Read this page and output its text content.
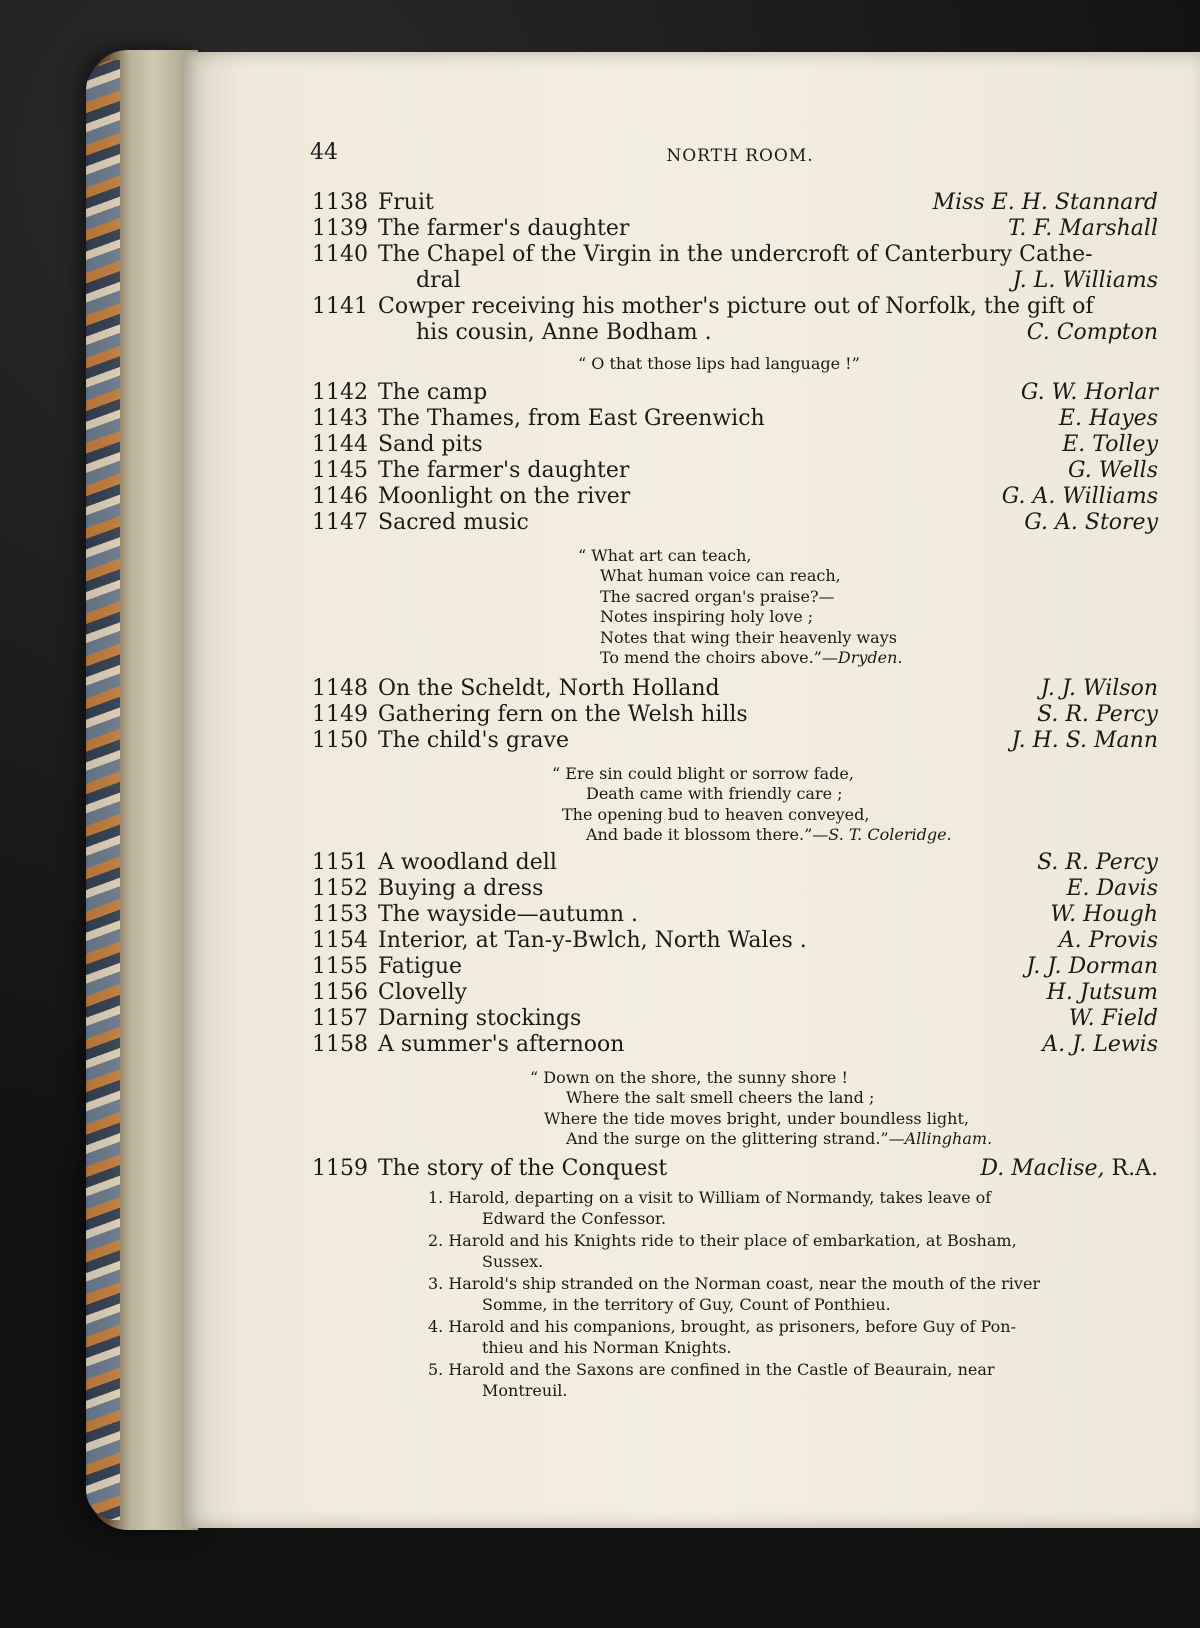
44	NORTH ROOM.
1138 Fruit	Miss E. H. Stannard
1139 The farmer's daughter	T. F. Marshall
1140 The Chapel of the Virgin in the undercroft of Canterbury Cathe-
dral	J. L. Williams
1141 Cowper receiving his mother's picture out of Norfolk, the gift of
his cousin, Anne Bodham .	C. Compton
“ O that those lips had language !”
1142 The camp	G. W. Horlar
1143 The Thames, from East Greenwich	E. Hayes
1144 Sand pits	E. Tolley
1145 The farmer's daughter	G. Wells
1146 Moonlight on the river	G. A. Williams
1147 Sacred music	G. A. Storey
“ What art can teach,
What human voice can reach,
The sacred organ's praise?—
Notes inspiring holy love ;
Notes that wing their heavenly ways
To mend the choirs above.”—Dryden.
1148 On the Scheldt, North Holland	J. J. Wilson
1149 Gathering fern on the Welsh hills	S. R. Percy
1150 The child's grave	J. H. S. Mann
“ Ere sin could blight or sorrow fade,
Death came with friendly care ;
The opening bud to heaven conveyed,
And bade it blossom there.”—S. T. Coleridge.
1151 A woodland dell	S. R. Percy
1152 Buying a dress	E. Davis
1153 The wayside—autumn .	W. Hough
1154 Interior, at Tan-y-Bwlch, North Wales .	A. Provis
1155 Fatigue	J. J. Dorman
1156 Clovelly	H. Jutsum
1157 Darning stockings	W. Field
1158 A summer's afternoon	A. J. Lewis
“ Down on the shore, the sunny shore !
Where the salt smell cheers the land ;
Where the tide moves bright, under boundless light,
And the surge on the glittering strand.”—Allingham.
1159 The story of the Conquest	D. Maclise, R.A.
1. Harold, departing on a visit to William of Normandy, takes leave of
Edward the Confessor.
2. Harold and his Knights ride to their place of embarkation, at Bosham,
Sussex.
3. Harold's ship stranded on the Norman coast, near the mouth of the river
Somme, in the territory of Guy, Count of Ponthieu.
4. Harold and his companions, brought, as prisoners, before Guy of Pon-
thieu and his Norman Knights.
5. Harold and the Saxons are confined in the Castle of Beaurain, near
Montreuil.
